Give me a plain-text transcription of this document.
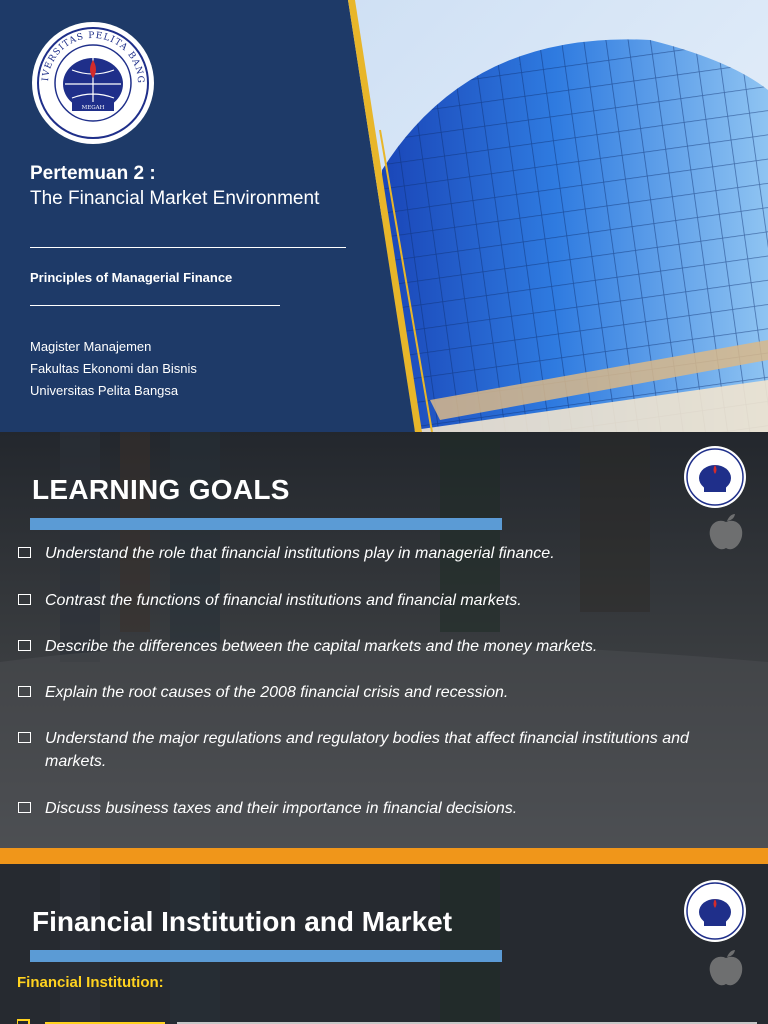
IVERSITAS PELITA BANG
MEGAH
Pertemuan 2 :
The Financial Market Environment
Principles of Managerial Finance
Magister Manajemen
Fakultas Ekonomi dan Bisnis
Universitas Pelita Bangsa
LEARNING GOALS
Understand the role that financial institutions play in managerial finance.
Contrast the functions of financial institutions and financial markets.
Describe the differences between the capital markets and the money markets.
Explain the root causes of the 2008 financial crisis and recession.
Understand the major regulations and regulatory bodies that affect financial institutions and markets.
Discuss business taxes and their importance in financial decisions.
Financial Institution and Market
Financial Institution:
